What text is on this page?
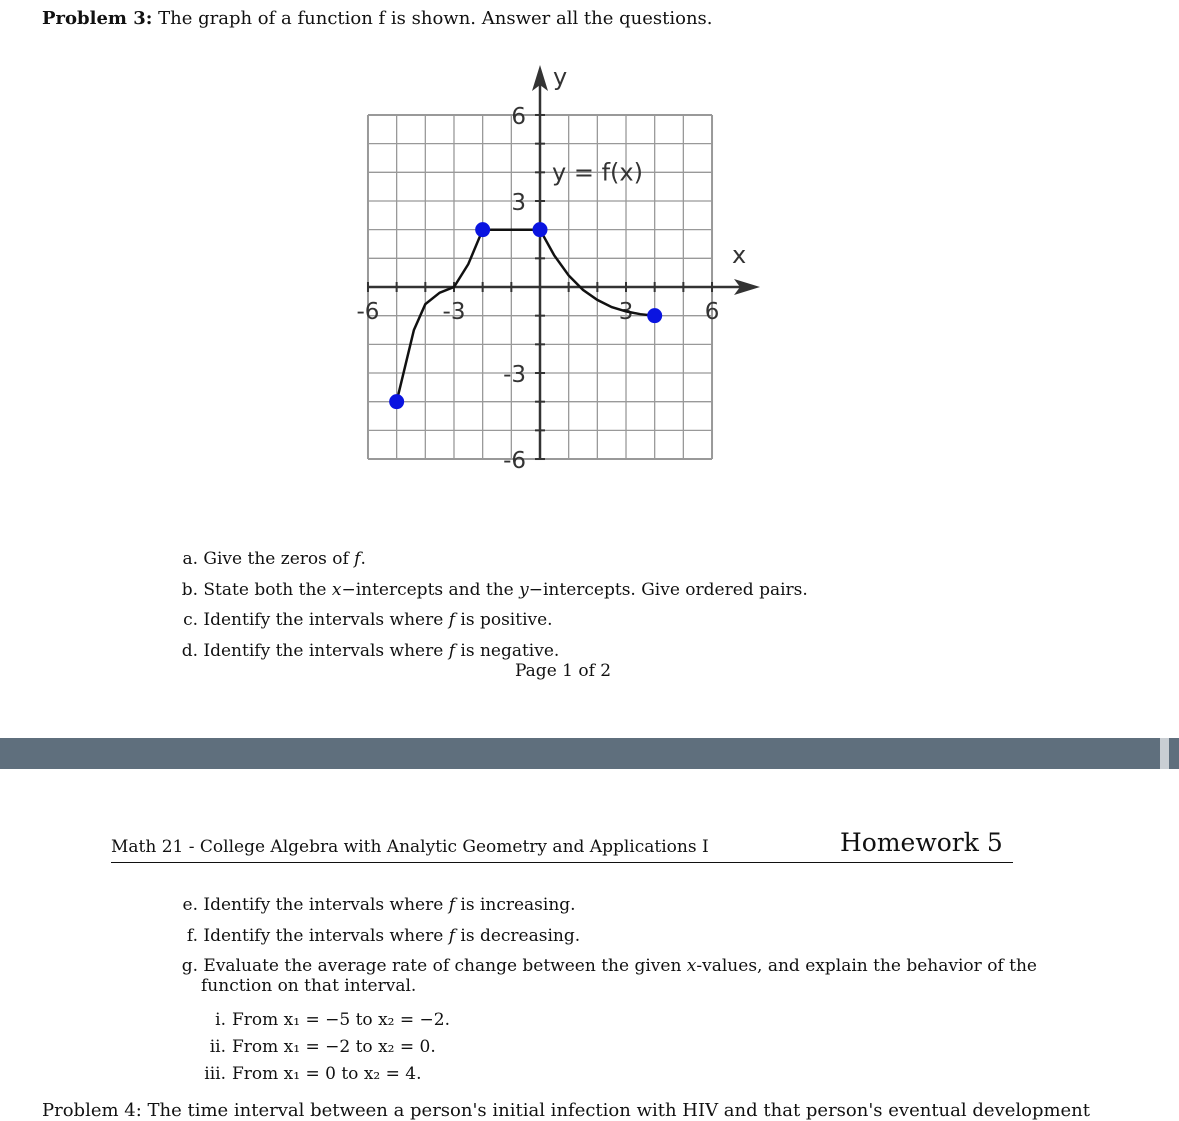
Problem 3: The graph of a function f is shown. Answer all the questions.
-6	-3	3	6
6
3
-3
-6
x
y
y = f(x)
a. Give the zeros of f.
b. State both the x−intercepts and the y−intercepts. Give ordered pairs.
c. Identify the intervals where f is positive.
d. Identify the intervals where f is negative.
Page 1 of 2
Math 21 - College Algebra with Analytic Geometry and Applications I	Homework 5
e. Identify the intervals where f is increasing.
f. Identify the intervals where f is decreasing.
g. Evaluate the average rate of change between the given x-values, and explain the behavior of the
function on that interval.
i. From x₁ = −5 to x₂ = −2.
ii. From x₁ = −2 to x₂ = 0.
iii. From x₁ = 0 to x₂ = 4.
Problem 4: The time interval between a person's initial infection with HIV and that person's eventual development
